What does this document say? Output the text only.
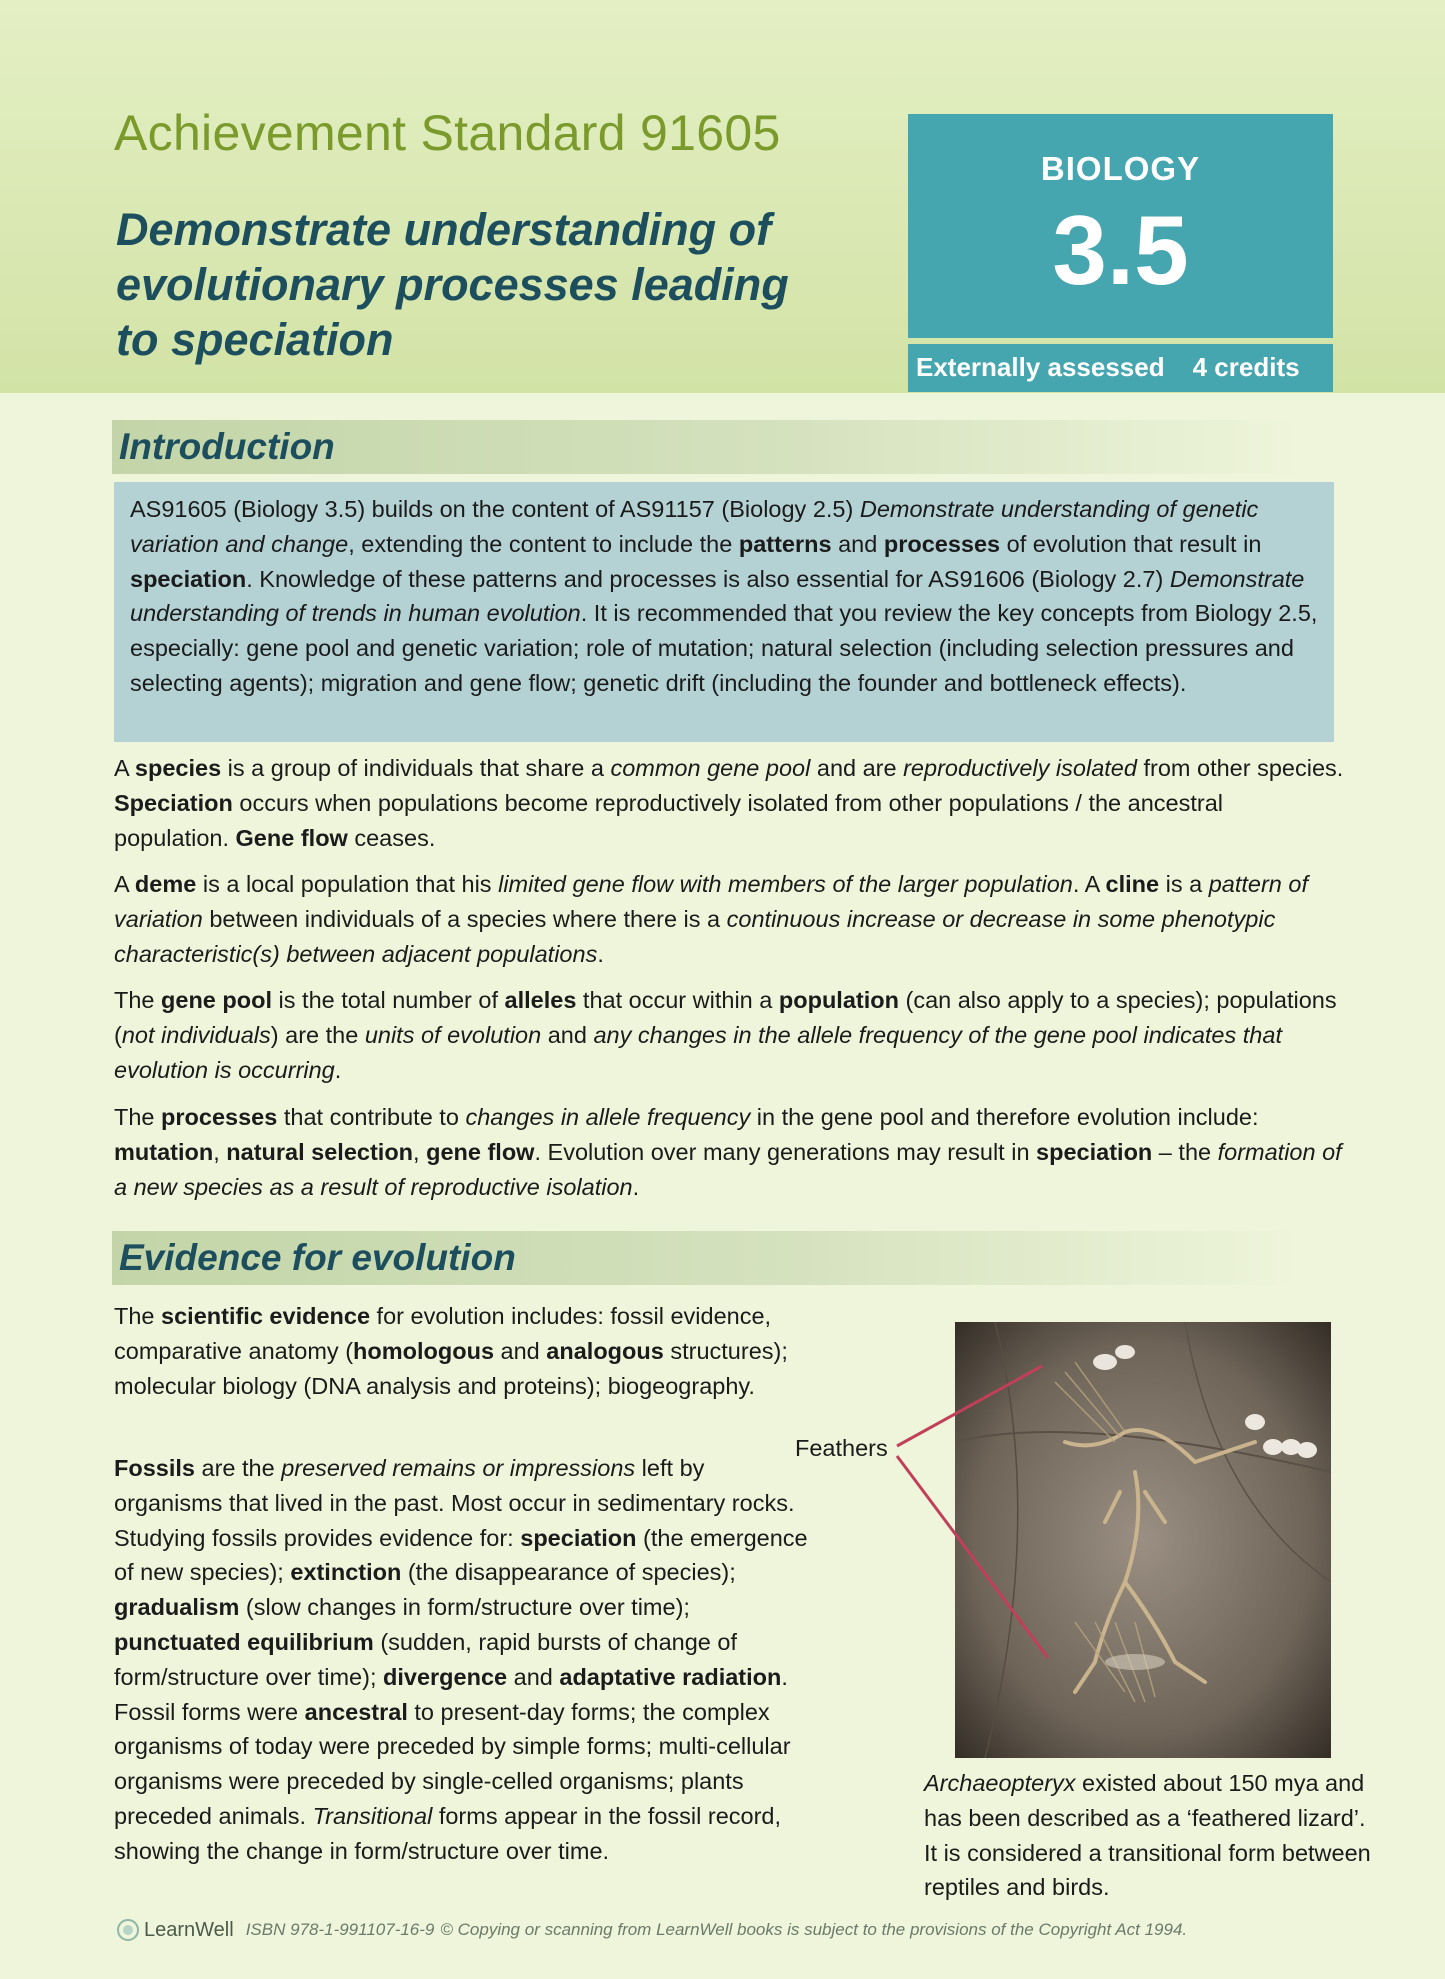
Achievement Standard 91605
Demonstrate understanding of
evolutionary processes leading
to speciation
BIOLOGY
3.5
Externally assessed 4 credits
Introduction
AS91605 (Biology 3.5) builds on the content of AS91157 (Biology 2.5) Demonstrate understanding of genetic variation and change, extending the content to include the patterns and processes of evolution that result in speciation. Knowledge of these patterns and processes is also essential for AS91606 (Biology 2.7) Demonstrate understanding of trends in human evolution. It is recommended that you review the key concepts from Biology 2.5, especially: gene pool and genetic variation; role of mutation; natural selection (including selection pressures and selecting agents); migration and gene flow; genetic drift (including the founder and bottleneck effects).

A species is a group of individuals that share a common gene pool and are reproductively isolated from other species. Speciation occurs when populations become reproductively isolated from other populations / the ancestral population. Gene flow ceases.

A deme is a local population that his limited gene flow with members of the larger population. A cline is a pattern of variation between individuals of a species where there is a continuous increase or decrease in some phenotypic characteristic(s) between adjacent populations.

The gene pool is the total number of alleles that occur within a population (can also apply to a species); populations (not individuals) are the units of evolution and any changes in the allele frequency of the gene pool indicates that evolution is occurring.

The processes that contribute to changes in allele frequency in the gene pool and therefore evolution include: mutation, natural selection, gene flow. Evolution over many generations may result in speciation – the formation of a new species as a result of reproductive isolation.

Evidence for evolution

The scientific evidence for evolution includes: fossil evidence, comparative anatomy (homologous and analogous structures); molecular biology (DNA analysis and proteins); biogeography.

Fossils are the preserved remains or impressions left by organisms that lived in the past. Most occur in sedimentary rocks. Studying fossils provides evidence for: speciation (the emergence of new species); extinction (the disappearance of species); gradualism (slow changes in form/structure over time); punctuated equilibrium (sudden, rapid bursts of change of form/structure over time); divergence and adaptative radiation. Fossil forms were ancestral to present-day forms; the complex organisms of today were preceded by simple forms; multi-cellular organisms were preceded by single-celled organisms; plants preceded animals. Transitional forms appear in the fossil record, showing the change in form/structure over time.

Feathers

Archaeopteryx existed about 150 mya and has been described as a ‘feathered lizard’. It is considered a transitional form between reptiles and birds.

LearnWell ISBN 978-1-991107-16-9 © Copying or scanning from LearnWell books is subject to the provisions of the Copyright Act 1994.
